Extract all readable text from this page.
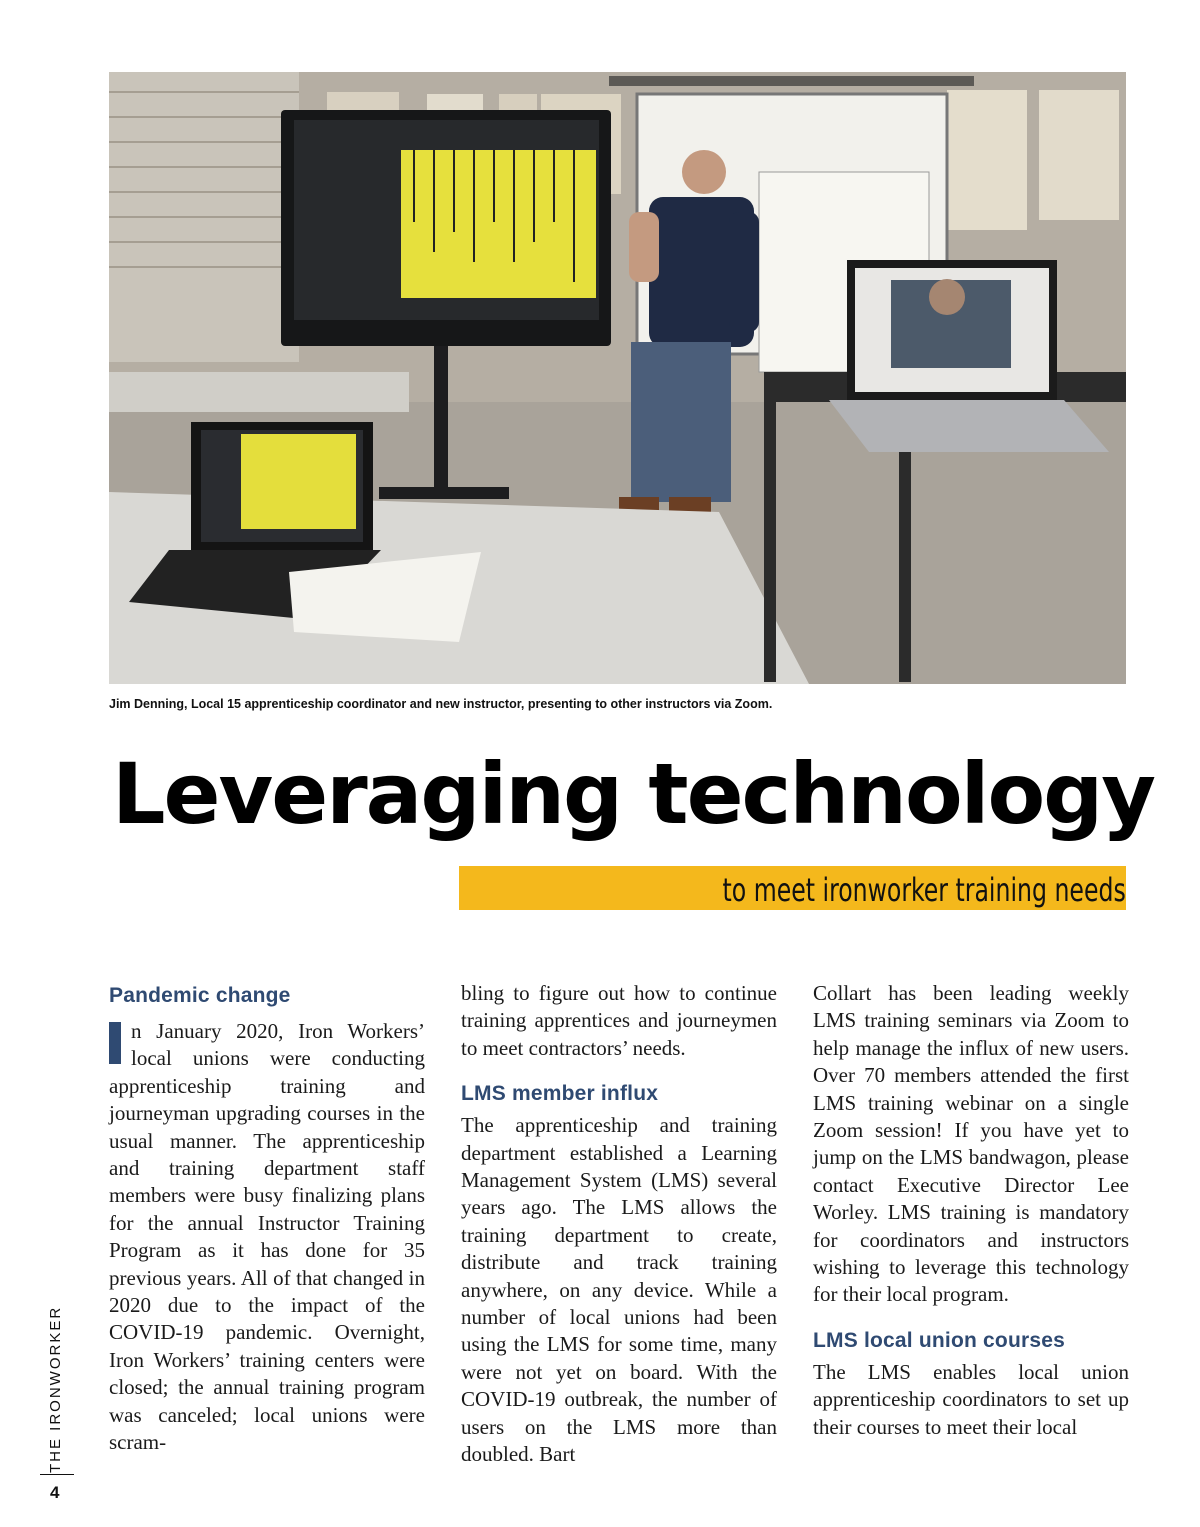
Jim Denning, Local 15 apprenticeship coordinator and new instructor, presenting to other instructors via Zoom.
Leveraging technology
to meet ironworker training needs
Pandemic change

n January 2020, Iron Workers’ local unions were conducting apprenticeship training and journeyman upgrading courses in the usual manner. The apprenticeship and training department staff members were busy finalizing plans for the annual Instructor Training Program as it has done for 35 previous years. All of that changed in 2020 due to the impact of the COVID-19 pandemic. Overnight, Iron Workers’ training centers were closed; the annual training program was canceled; local unions were scram-

bling to figure out how to continue training apprentices and journeymen to meet contractors’ needs.

LMS member influx

The apprenticeship and training department established a Learning Management System (LMS) several years ago. The LMS allows the training department to create, distribute and track training anywhere, on any device. While a number of local unions had been using the LMS for some time, many were not yet on board. With the COVID-19 outbreak, the number of users on the LMS more than doubled. Bart

Collart has been leading weekly LMS training seminars via Zoom to help manage the influx of new users. Over 70 members attended the first LMS training webinar on a single Zoom session! If you have yet to jump on the LMS bandwagon, please contact Executive Director Lee Worley. LMS training is mandatory for coordinators and instructors wishing to leverage this technology for their local program.

LMS local union courses

The LMS enables local union apprenticeship coordinators to set up their courses to meet their local

THE IRONWORKER
4
